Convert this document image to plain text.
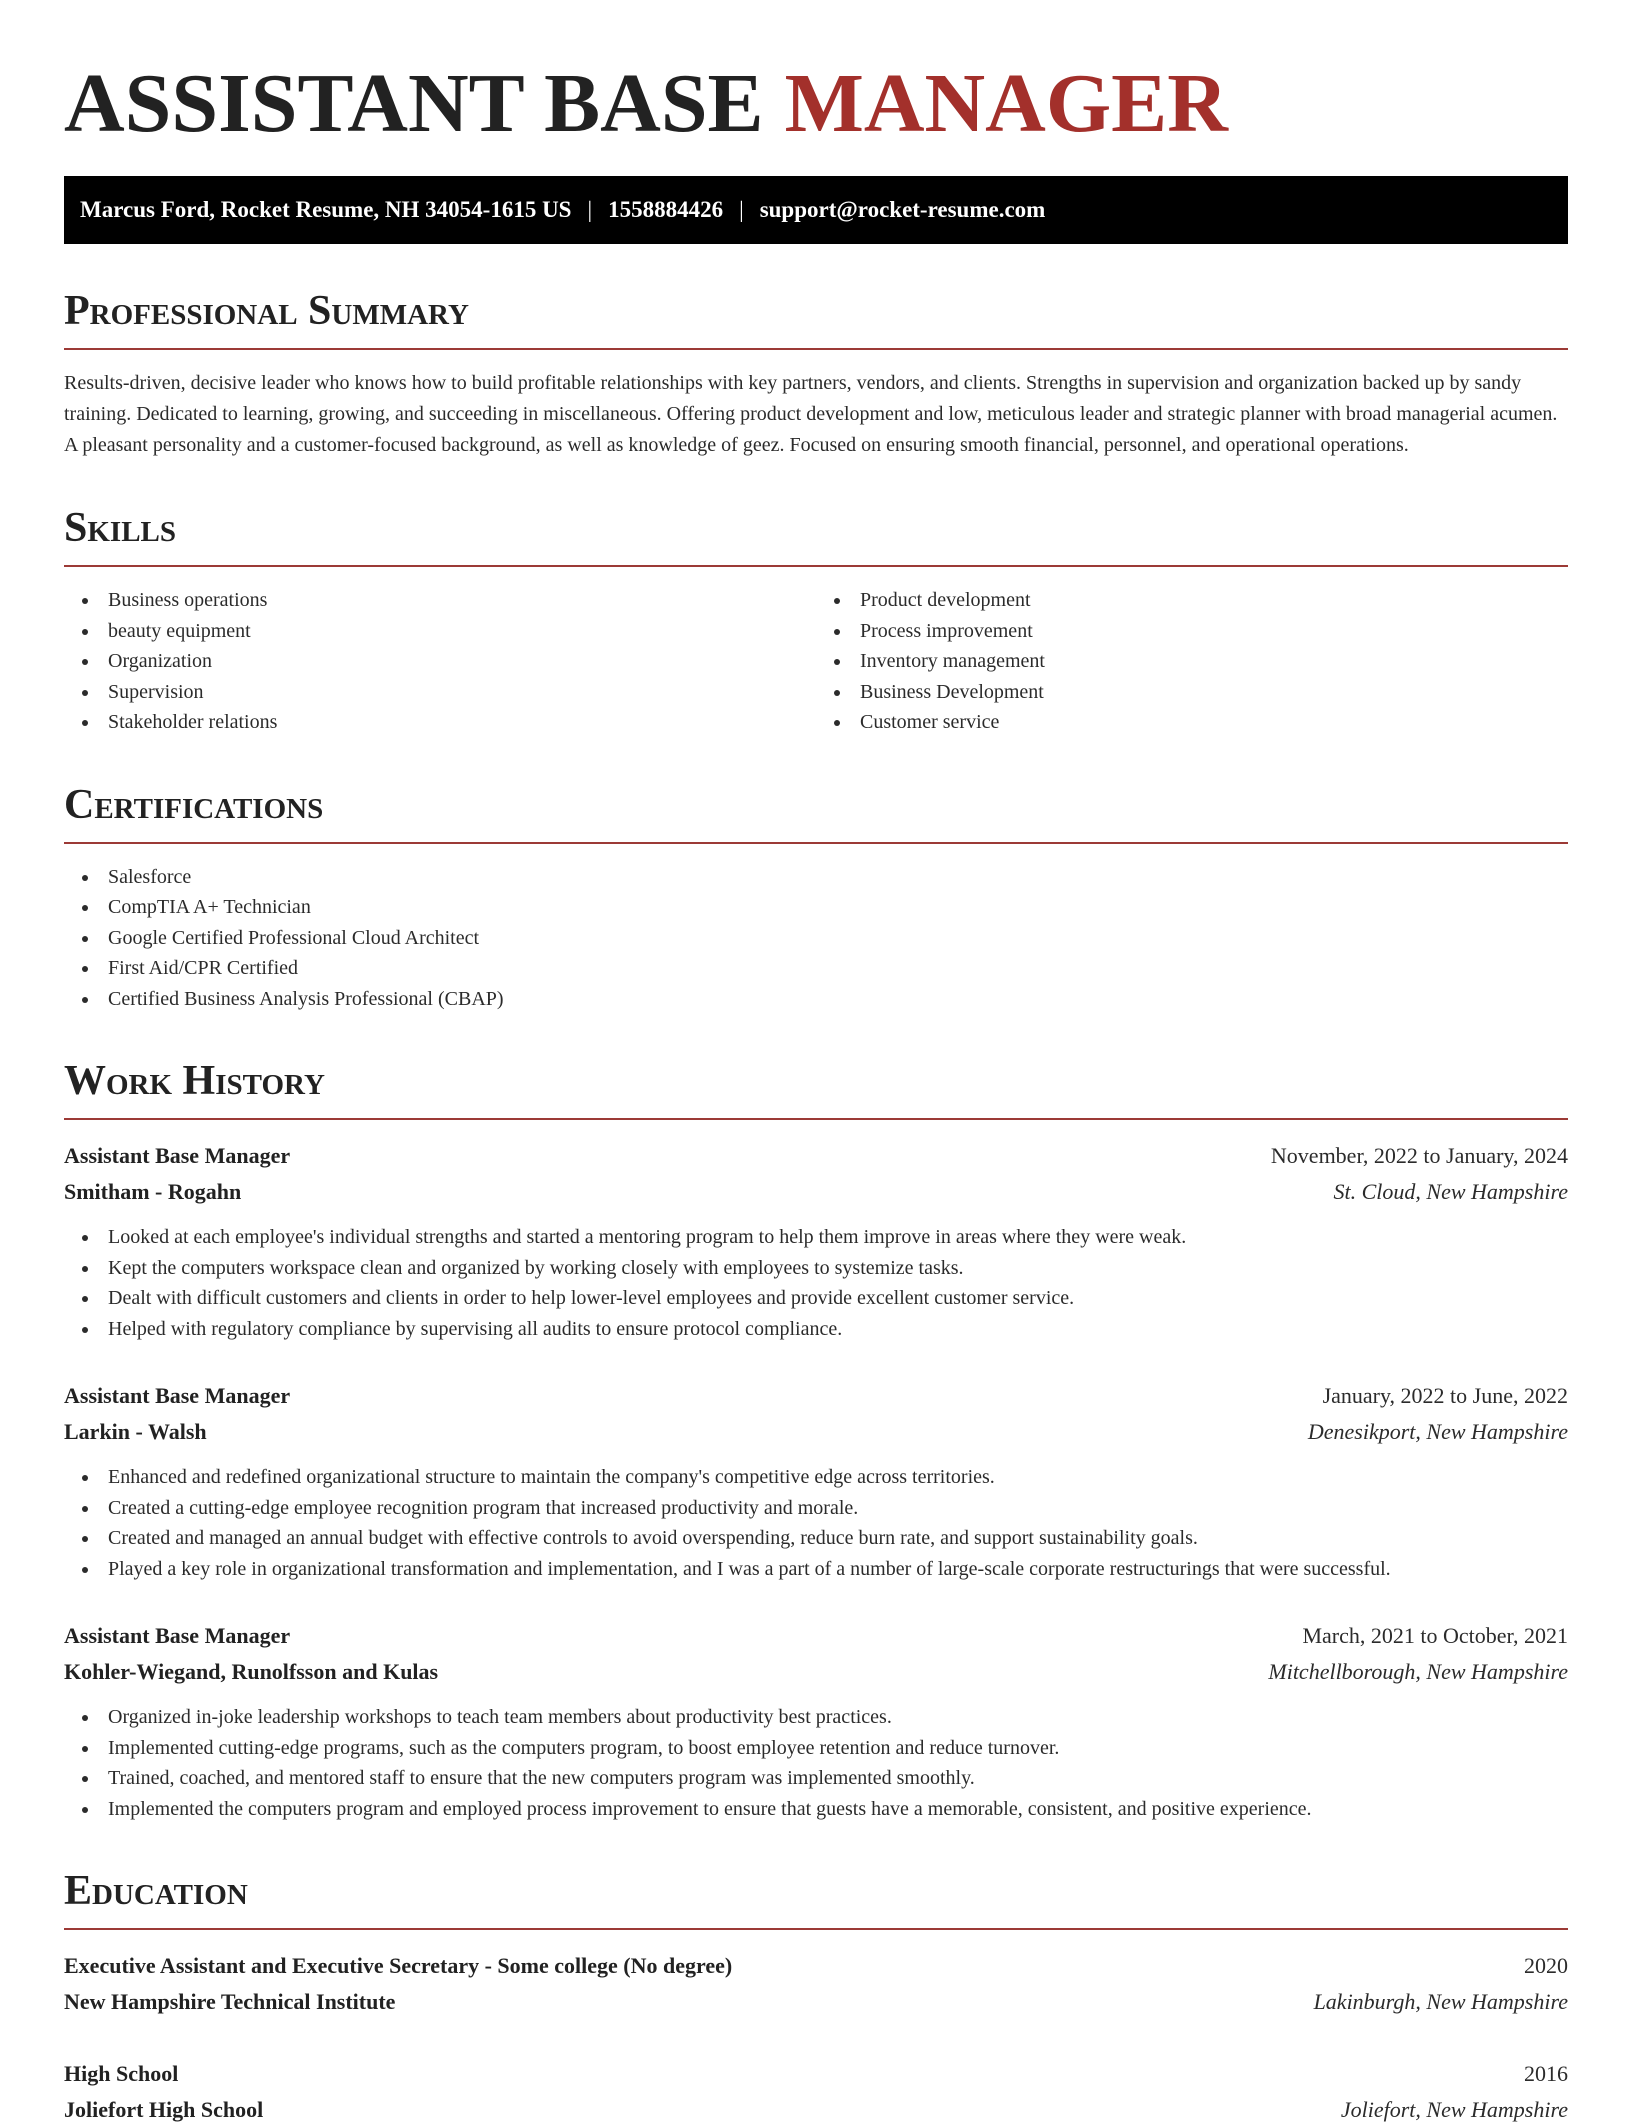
ASSISTANT BASE MANAGER
Marcus Ford, Rocket Resume, NH 34054-1615 US | 1558884426 | support@rocket-resume.com
Professional Summary

Results-driven, decisive leader who knows how to build profitable relationships with key partners, vendors, and clients. Strengths in supervision and organization backed up by sandy training. Dedicated to learning, growing, and succeeding in miscellaneous. Offering product development and low, meticulous leader and strategic planner with broad managerial acumen. A pleasant personality and a customer-focused background, as well as knowledge of geez. Focused on ensuring smooth financial, personnel, and operational operations.

Skills
Business operations
beauty equipment
Organization
Supervision
Stakeholder relations
Product development
Process improvement
Inventory management
Business Development
Customer service
Certifications
Salesforce
CompTIA A+ Technician
Google Certified Professional Cloud Architect
First Aid/CPR Certified
Certified Business Analysis Professional (CBAP)
Work History
Assistant Base Manager	November, 2022 to January, 2024
Smitham - Rogahn	St. Cloud, New Hampshire
Looked at each employee's individual strengths and started a mentoring program to help them improve in areas where they were weak.
Kept the computers workspace clean and organized by working closely with employees to systemize tasks.
Dealt with difficult customers and clients in order to help lower-level employees and provide excellent customer service.
Helped with regulatory compliance by supervising all audits to ensure protocol compliance.
Assistant Base Manager	January, 2022 to June, 2022
Larkin - Walsh	Denesikport, New Hampshire
Enhanced and redefined organizational structure to maintain the company's competitive edge across territories.
Created a cutting-edge employee recognition program that increased productivity and morale.
Created and managed an annual budget with effective controls to avoid overspending, reduce burn rate, and support sustainability goals.
Played a key role in organizational transformation and implementation, and I was a part of a number of large-scale corporate restructurings that were successful.
Assistant Base Manager	March, 2021 to October, 2021
Kohler-Wiegand, Runolfsson and Kulas	Mitchellborough, New Hampshire
Organized in-joke leadership workshops to teach team members about productivity best practices.
Implemented cutting-edge programs, such as the computers program, to boost employee retention and reduce turnover.
Trained, coached, and mentored staff to ensure that the new computers program was implemented smoothly.
Implemented the computers program and employed process improvement to ensure that guests have a memorable, consistent, and positive experience.
Education
Executive Assistant and Executive Secretary - Some college (No degree)	2020
New Hampshire Technical Institute	Lakinburgh, New Hampshire
High School	2016
Joliefort High School	Joliefort, New Hampshire
